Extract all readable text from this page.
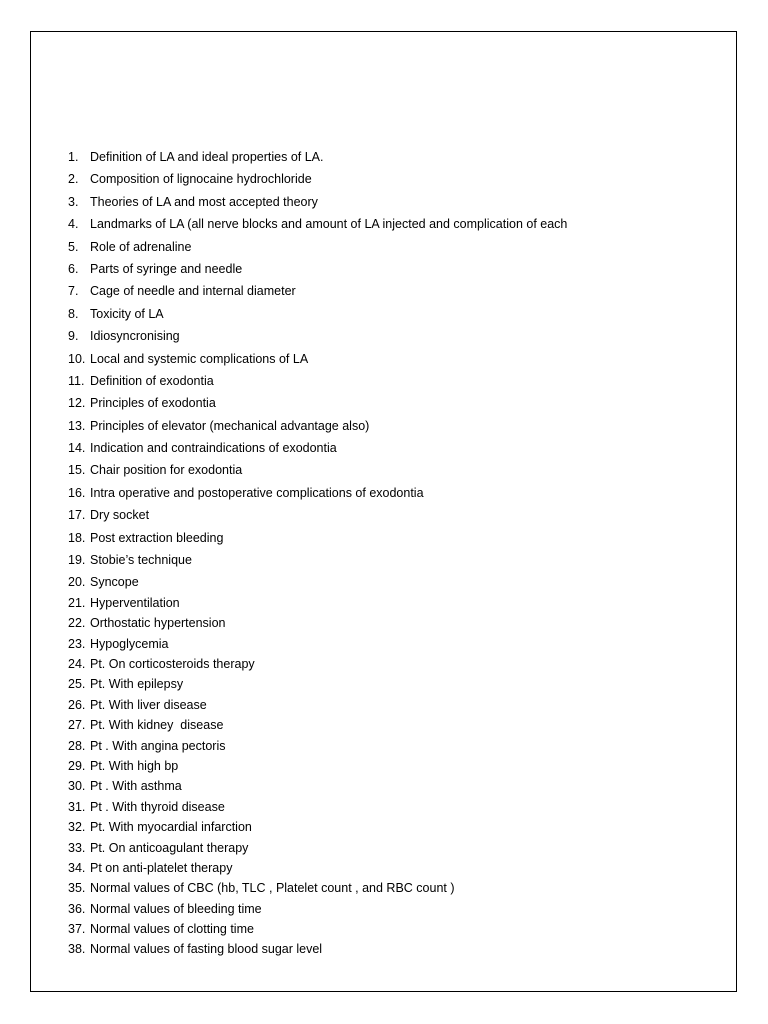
1. Definition of LA and ideal properties of LA.
2. Composition of lignocaine hydrochloride
3. Theories of LA and most accepted theory
4. Landmarks of LA (all nerve blocks and amount of LA injected and complication of each
5. Role of adrenaline
6. Parts of syringe and needle
7. Cage of needle and internal diameter
8. Toxicity of LA
9. Idiosyncronising
10. Local and systemic complications of LA
11. Definition of exodontia
12. Principles of exodontia
13. Principles of elevator (mechanical advantage also)
14. Indication and contraindications of exodontia
15. Chair position for exodontia
16. Intra operative and postoperative complications of exodontia
17. Dry socket
18. Post extraction bleeding
19. Stobie’s technique
20. Syncope
21. Hyperventilation
22. Orthostatic hypertension
23. Hypoglycemia
24. Pt. On corticosteroids therapy
25. Pt. With epilepsy
26. Pt. With liver disease
27. Pt. With kidney  disease
28. Pt . With angina pectoris
29. Pt. With high bp
30. Pt . With asthma
31. Pt . With thyroid disease
32. Pt. With myocardial infarction
33. Pt. On anticoagulant therapy
34. Pt on anti-platelet therapy
35. Normal values of CBC (hb, TLC , Platelet count , and RBC count )
36. Normal values of bleeding time
37. Normal values of clotting time
38. Normal values of fasting blood sugar level
